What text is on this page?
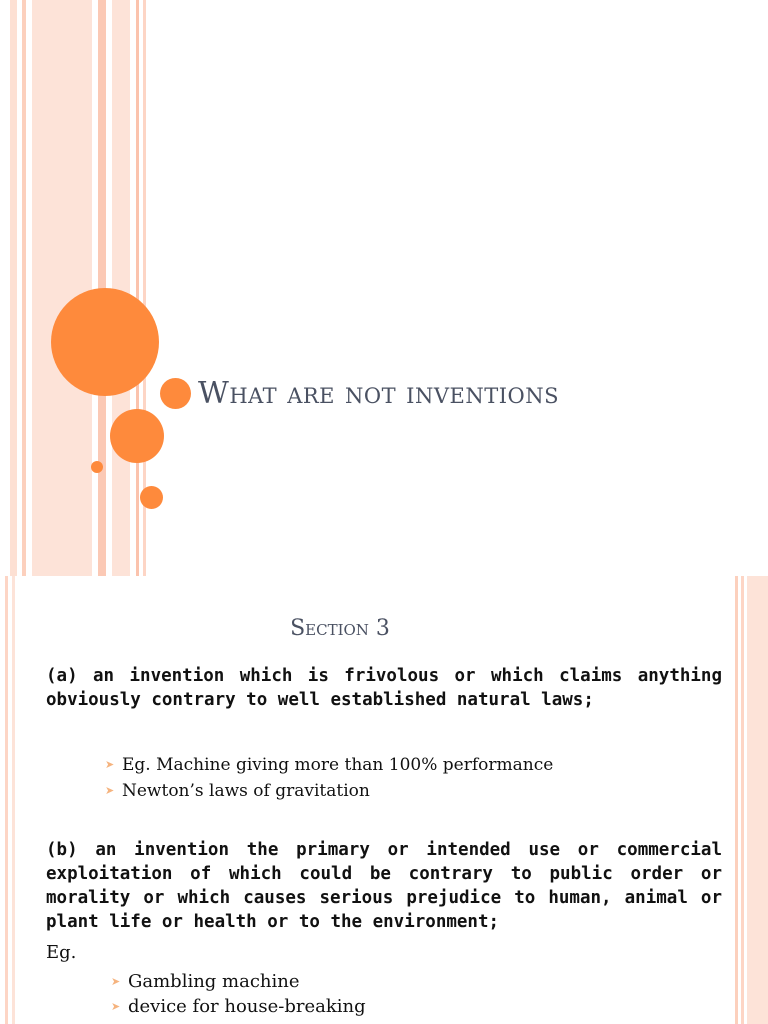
What are not inventions
Section 3

(a) an invention which is frivolous or which claims anything obviously contrary to well established natural laws;

➤ Eg. Machine giving more than 100% performance
➤ Newton’s laws of gravitation

(b) an invention the primary or intended use or commercial exploitation of which could be contrary to public order or morality or which causes serious prejudice to human, animal or plant life or health or to the environment;

Eg.
➤ Gambling machine
➤ device for house-breaking
